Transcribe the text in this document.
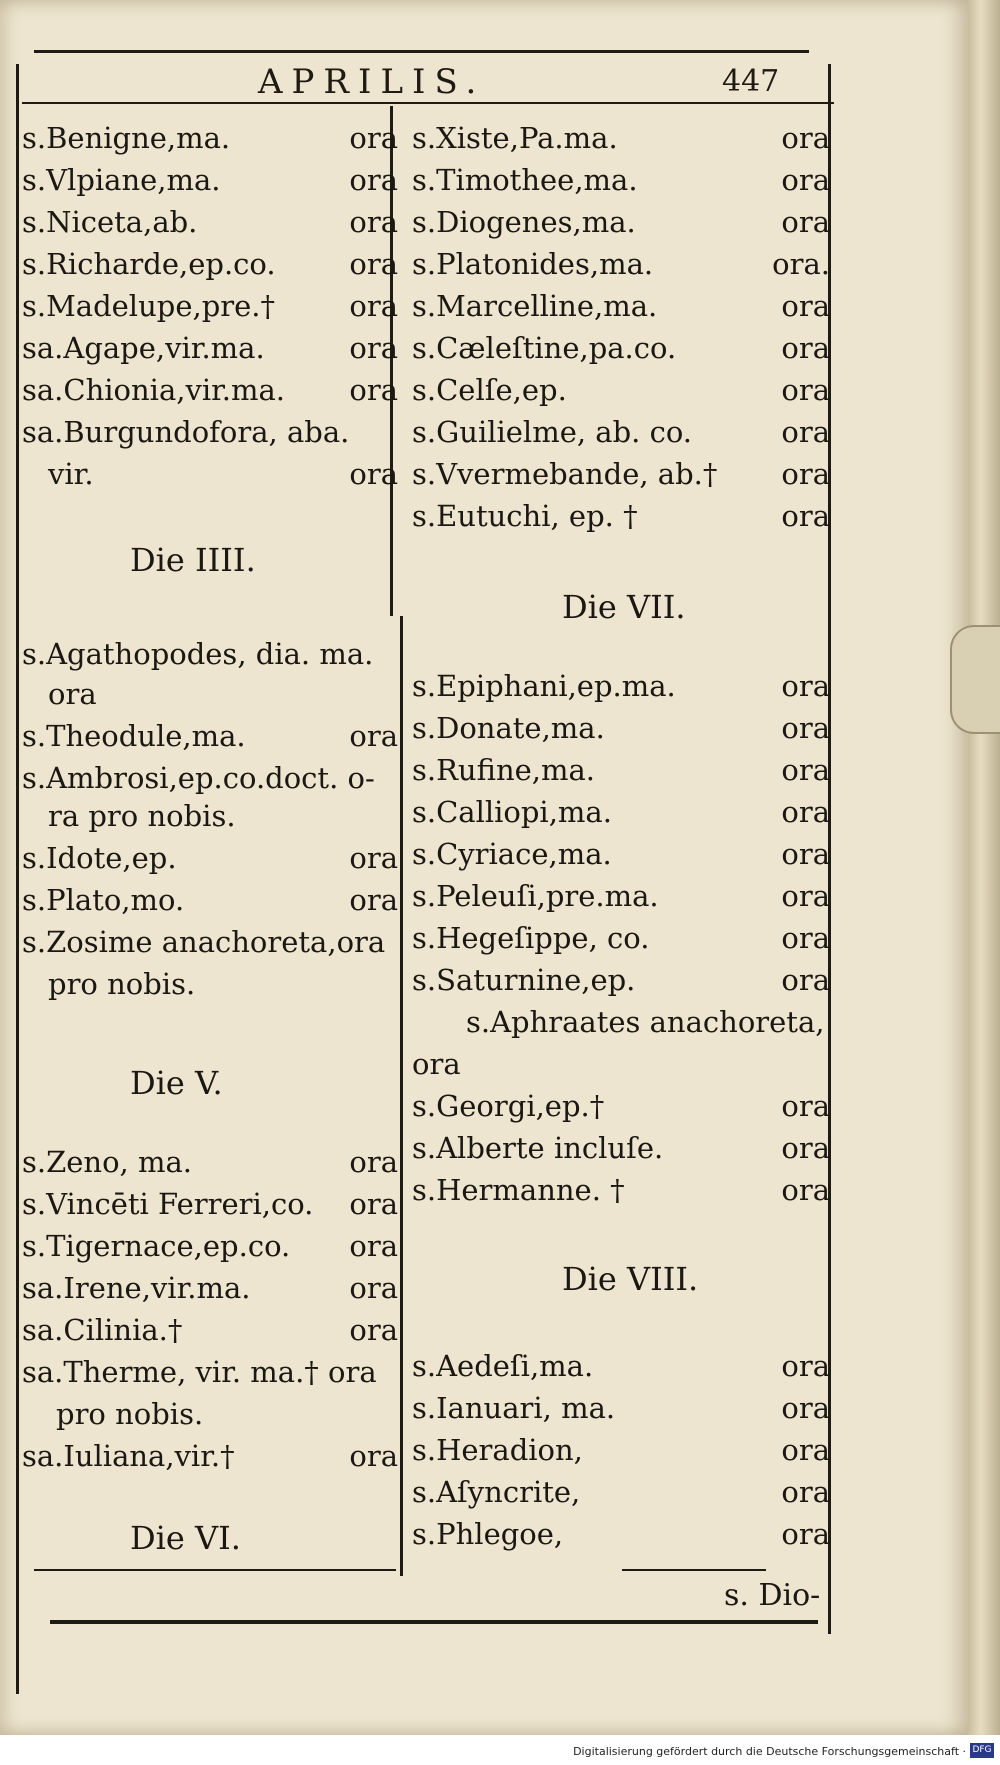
APRILIS.	447
s.Benigne,ma.	ora
s.Vlpiane,ma.	ora
s.Niceta,ab.	ora
s.Richarde,ep.co.	ora
s.Madelupe,pre.†	ora
sa.Agape,vir.ma.	ora
sa.Chionia,vir.ma. ora
sa.Burgundofora, aba.
vir.	ora
Die IIII.
s.Agathopodes, dia. ma.
ora
s.Theodule,ma.	ora
s.Ambrosi,ep.co.doct. o-
ra pro nobis.
s.Idote,ep.	ora
s.Plato,mo.	ora
s.Zosime anachoreta,ora
pro nobis.
Die V.
s.Zeno, ma.	ora
s.Vincēti Ferreri,co. ora
s.Tigernace,ep.co. ora
sa.Irene,vir.ma.	ora
sa.Cilinia.†	ora
sa.Therme, vir. ma.† ora
pro nobis.
sa.Iuliana,vir.†	ora
Die VI.
s.Xiste,Pa.ma.	ora
s.Timothee,ma.	ora
s.Diogenes,ma.	ora
s.Platonides,ma.	ora.
s.Marcelline,ma.	ora
s.Cæleſtine,pa.co.	ora
s.Celſe,ep.	ora
s.Guilielme, ab. co.	ora
s.Vvermebande, ab.† ora
s.Eutuchi, ep. †	ora
Die VII.
s.Epiphani,ep.ma.	ora
s.Donate,ma.	ora
s.Rufine,ma.	ora
s.Calliopi,ma.	ora
s.Cyriace,ma.	ora
s.Peleuſi,pre.ma.	ora
s.Hegeſippe, co.	ora
s.Saturnine,ep.	ora
s.Aphraates anachoreta,
ora
s.Georgi,ep.†	ora
s.Alberte incluſe.	ora
s.Hermanne. †	ora
Die VIII.
s.Aedeſi,ma.	ora
s.Ianuari, ma.	ora
s.Heradion,	ora
s.Aſyncrite,	ora
s.Phlegoe,	ora
s. Dio-
Digitalisierung gefördert durch die Deutsche Forschungsgemeinschaft · DFG
